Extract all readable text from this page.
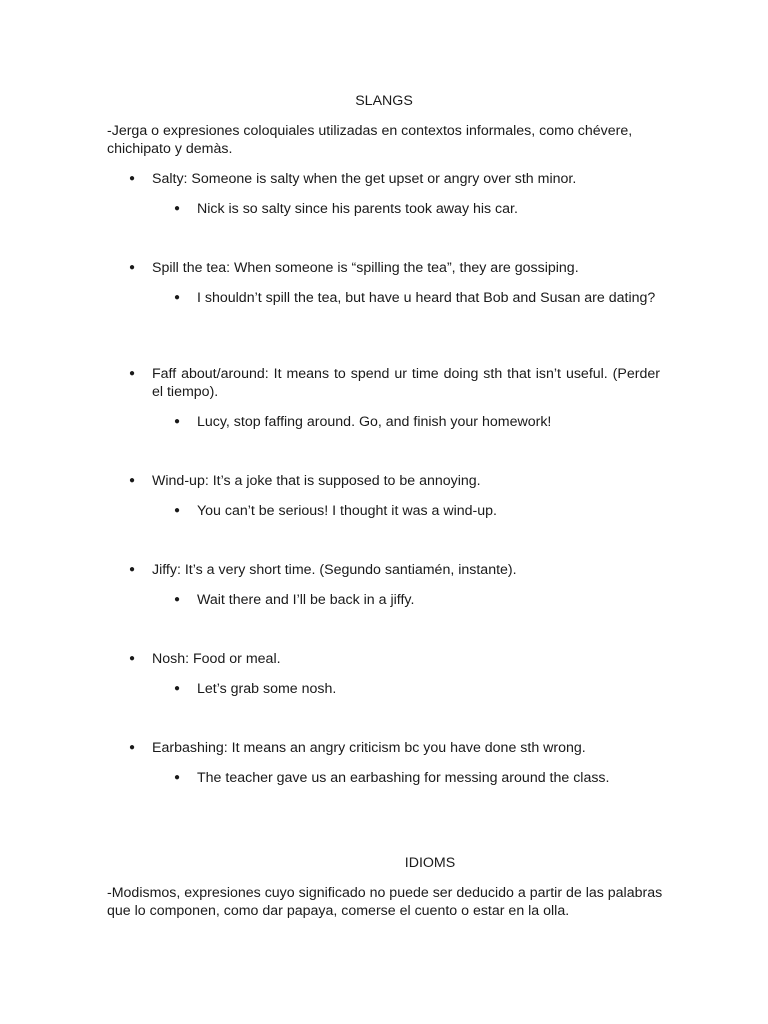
SLANGS

-Jerga o expresiones coloquiales utilizadas en contextos informales, como chévere, chichipato y demàs.

● Salty: Someone is salty when the get upset or angry over sth minor.
● Nick is so salty since his parents took away his car.
● Spill the tea: When someone is “spilling the tea”, they are gossiping.
● I shouldn’t spill the tea, but have u heard that Bob and Susan are dating?
● Faff about/around: It means to spend ur time doing sth that isn’t useful. (Perder el tiempo).
● Lucy, stop faffing around. Go, and finish your homework!
● Wind-up: It’s a joke that is supposed to be annoying.
● You can’t be serious! I thought it was a wind-up.
● Jiffy: It’s a very short time. (Segundo santiamén, instante).
● Wait there and I’ll be back in a jiffy.
● Nosh: Food or meal.
● Let’s grab some nosh.
● Earbashing: It means an angry criticism bc you have done sth wrong.
● The teacher gave us an earbashing for messing around the class.
IDIOMS

-Modismos, expresiones cuyo significado no puede ser deducido a partir de las palabras que lo componen, como dar papaya, comerse el cuento o estar en la olla.
